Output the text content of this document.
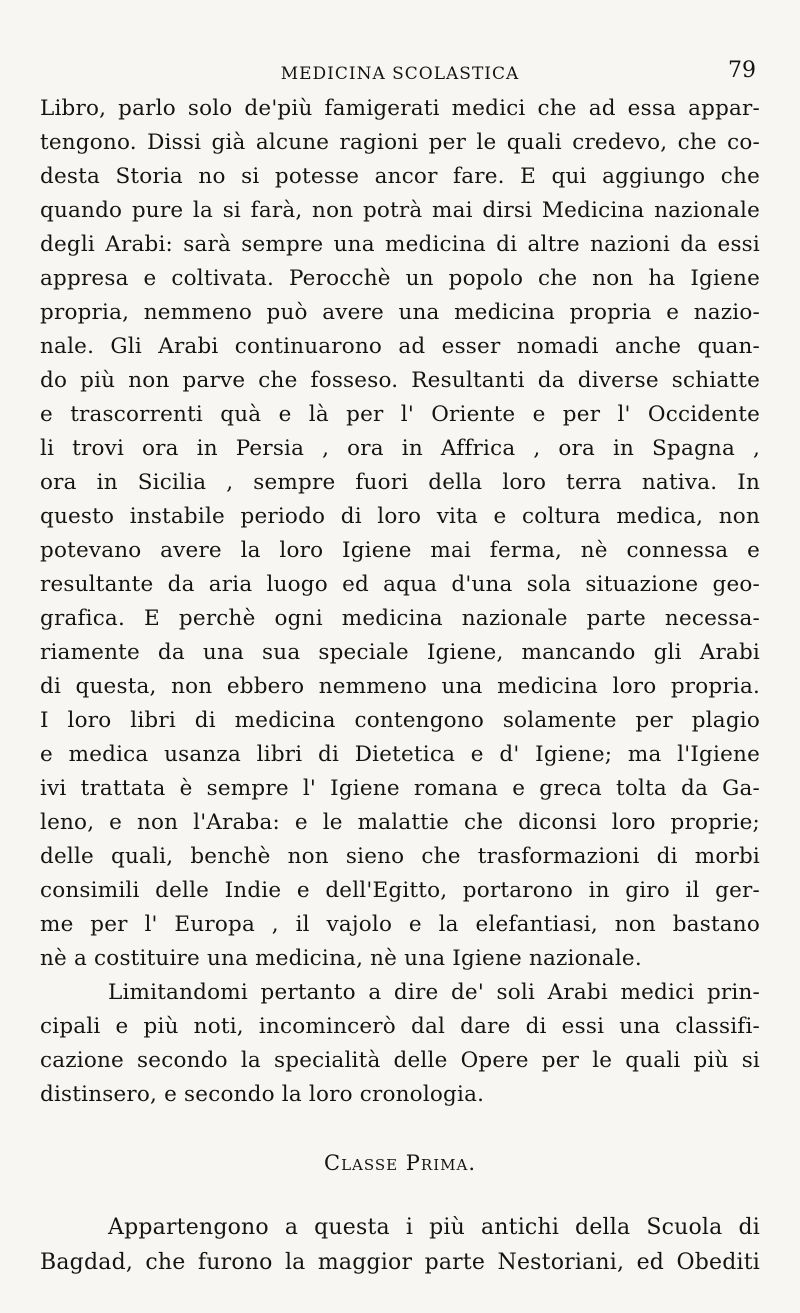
MEDICINA SCOLASTICA	79
Libro, parlo solo de'più famigerati medici che ad essa appar-
tengono. Dissi già alcune ragioni per le quali credevo, che co-
desta Storia no si potesse ancor fare. E qui aggiungo che
quando pure la si farà, non potrà mai dirsi Medicina nazionale
degli Arabi: sarà sempre una medicina di altre nazioni da essi
appresa e coltivata. Perocchè un popolo che non ha Igiene
propria, nemmeno può avere una medicina propria e nazio-
nale. Gli Arabi continuarono ad esser nomadi anche quan-
do più non parve che fosseso. Resultanti da diverse schiatte
e trascorrenti quà e là per l' Oriente e per l' Occidente
li trovi ora in Persia , ora in Affrica , ora in Spagna ,
ora in Sicilia , sempre fuori della loro terra nativa. In
questo instabile periodo di loro vita e coltura medica, non
potevano avere la loro Igiene mai ferma, nè connessa e
resultante da aria luogo ed aqua d'una sola situazione geo-
grafica. E perchè ogni medicina nazionale parte necessa-
riamente da una sua speciale Igiene, mancando gli Arabi
di questa, non ebbero nemmeno una medicina loro propria.
I loro libri di medicina contengono solamente per plagio
e medica usanza libri di Dietetica e d' Igiene; ma l'Igiene
ivi trattata è sempre l' Igiene romana e greca tolta da Ga-
leno, e non l'Araba: e le malattie che diconsi loro proprie;
delle quali, benchè non sieno che trasformazioni di morbi
consimili delle Indie e dell'Egitto, portarono in giro il ger-
me per l' Europa , il vajolo e la elefantiasi, non bastano
nè a costituire una medicina, nè una Igiene nazionale.
Limitandomi pertanto a dire de' soli Arabi medici prin-
cipali e più noti, incomincerò dal dare di essi una classifi-
cazione secondo la specialità delle Opere per le quali più si
distinsero, e secondo la loro cronologia.
Classe Prima.
Appartengono a questa i più antichi della Scuola di
Bagdad, che furono la maggior parte Nestoriani, ed Obediti
